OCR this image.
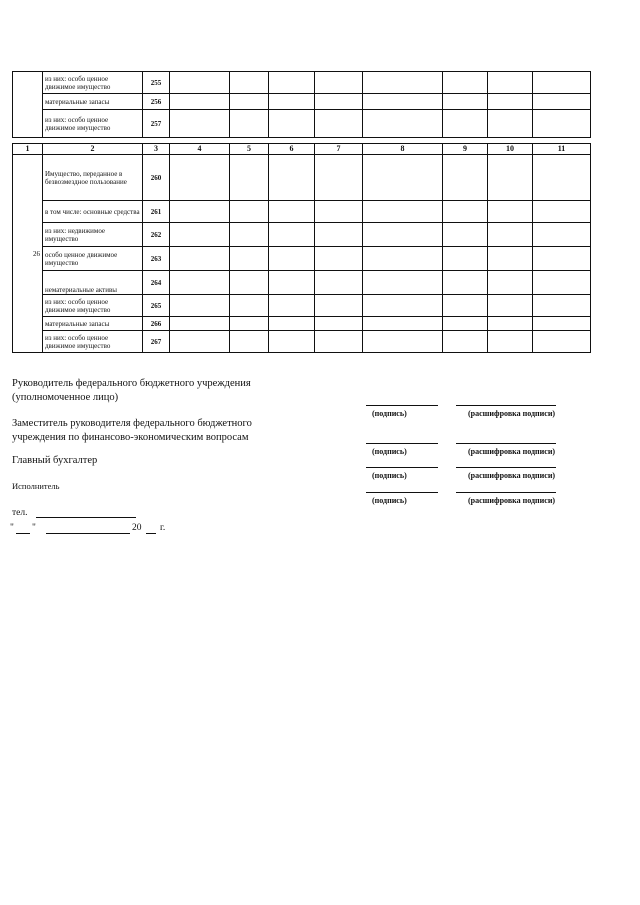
	из них: особо ценное движимое имущество	255								
	материальные запасы	256								
	из них: особо ценное движимое имущество	257								
1	2	3	4	5	6	7	8	9	10	11
26	Имущество, переданное в безвозмездное пользование	260								
	в том числе: основные средства	261								
	из них: недвижимое имущество	262								
	особо ценное движимое имущество	263								
	нематериальные активы	264								
	из них: особо ценное движимое имущество	265								
	материальные запасы	266								
	из них: особо ценное движимое имущество	267								
Руководитель федерального бюджетного учреждения
(уполномоченное лицо)
(подпись)	(расшифровка подписи)
Заместитель руководителя федерального бюджетного
учреждения по финансово-экономическим вопросам
(подпись)	(расшифровка подписи)
Главный бухгалтер
(подпись)	(расшифровка подписи)
Исполнитель
(подпись)	(расшифровка подписи)
тел.
" "	20 г.
